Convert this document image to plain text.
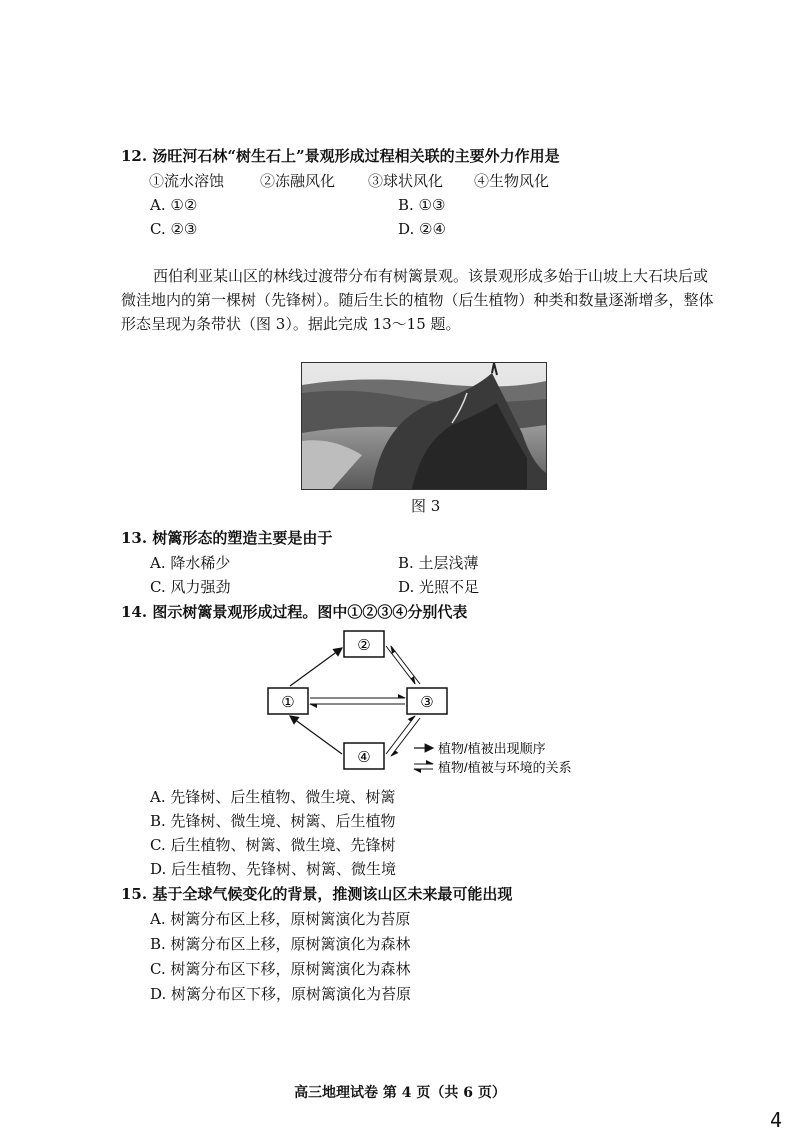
12. 汤旺河石林“树生石上”景观形成过程相关联的主要外力作用是
①流水溶蚀 ②冻融风化 ③球状风化 ④生物风化
A. ①②	B. ①③
C. ②③	D. ②④
西伯利亚某山区的林线过渡带分布有树篱景观。该景观形成多始于山坡上大石块后或
微洼地内的第一棵树（先锋树）。随后生长的植物（后生植物）种类和数量逐渐增多，整体
形态呈现为条带状（图 3）。据此完成 13～15 题。
图 3
13. 树篱形态的塑造主要是由于
A. 降水稀少	B. 土层浅薄
C. 风力强劲	D. 光照不足
14. 图示树篱景观形成过程。图中①②③④分别代表
①
②
③
④	植物/植被出现顺序
植物/植被与环境的关系
A. 先锋树、后生植物、微生境、树篱
B. 先锋树、微生境、树篱、后生植物
C. 后生植物、树篱、微生境、先锋树
D. 后生植物、先锋树、树篱、微生境
15. 基于全球气候变化的背景，推测该山区未来最可能出现
A. 树篱分布区上移，原树篱演化为苔原
B. 树篱分布区上移，原树篱演化为森林
C. 树篱分布区下移，原树篱演化为森林
D. 树篱分布区下移，原树篱演化为苔原
高三地理试卷 第 4 页（共 6 页）
4
